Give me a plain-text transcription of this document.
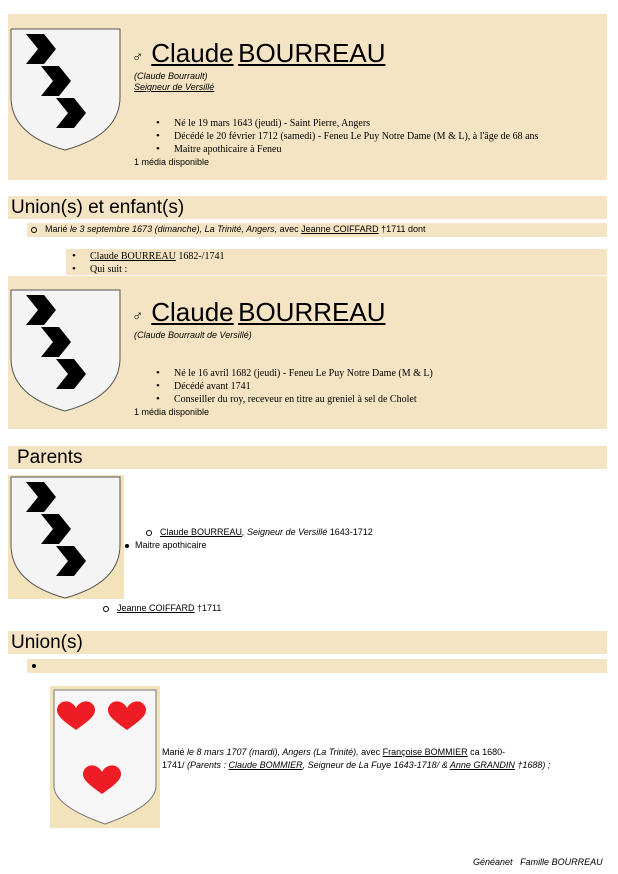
♂ Claude BOURREAU
(Claude Bourrault)
Seigneur de Versillé
• Né le 19 mars 1643 (jeudi) - Saint Pierre, Angers
• Décédé le 20 février 1712 (samedi) - Feneu Le Puy Notre Dame (M & L), à l'âge de 68 ans
• Maitre apothicaire à Feneu
1 média disponible
Union(s) et enfant(s)
Marié le 3 septembre 1673 (dimanche), La Trinité, Angers, avec Jeanne COIFFARD †1711 dont
• Claude BOURREAU 1682-/1741
• Qui suit :
♂ Claude BOURREAU
(Claude Bourrault de Versillé)
• Né le 16 avril 1682 (jeudi) - Feneu Le Puy Notre Dame (M & L)
• Décédé avant 1741
• Conseiller du roy, receveur en titre au greniel à sel de Cholet
1 média disponible
Parents
Claude BOURREAU, Seigneur de Versillé 1643-1712
Maitre apothicaire
Jeanne COIFFARD †1711
Union(s)
Marié le 8 mars 1707 (mardi), Angers (La Trinité), avec Françoise BOMMIER ca 1680-
1741/ (Parents : Claude BOMMIER, Seigneur de La Fuye 1643-1718/ & Anne GRANDIN †1688) ;
Généanet Famille BOURREAU
